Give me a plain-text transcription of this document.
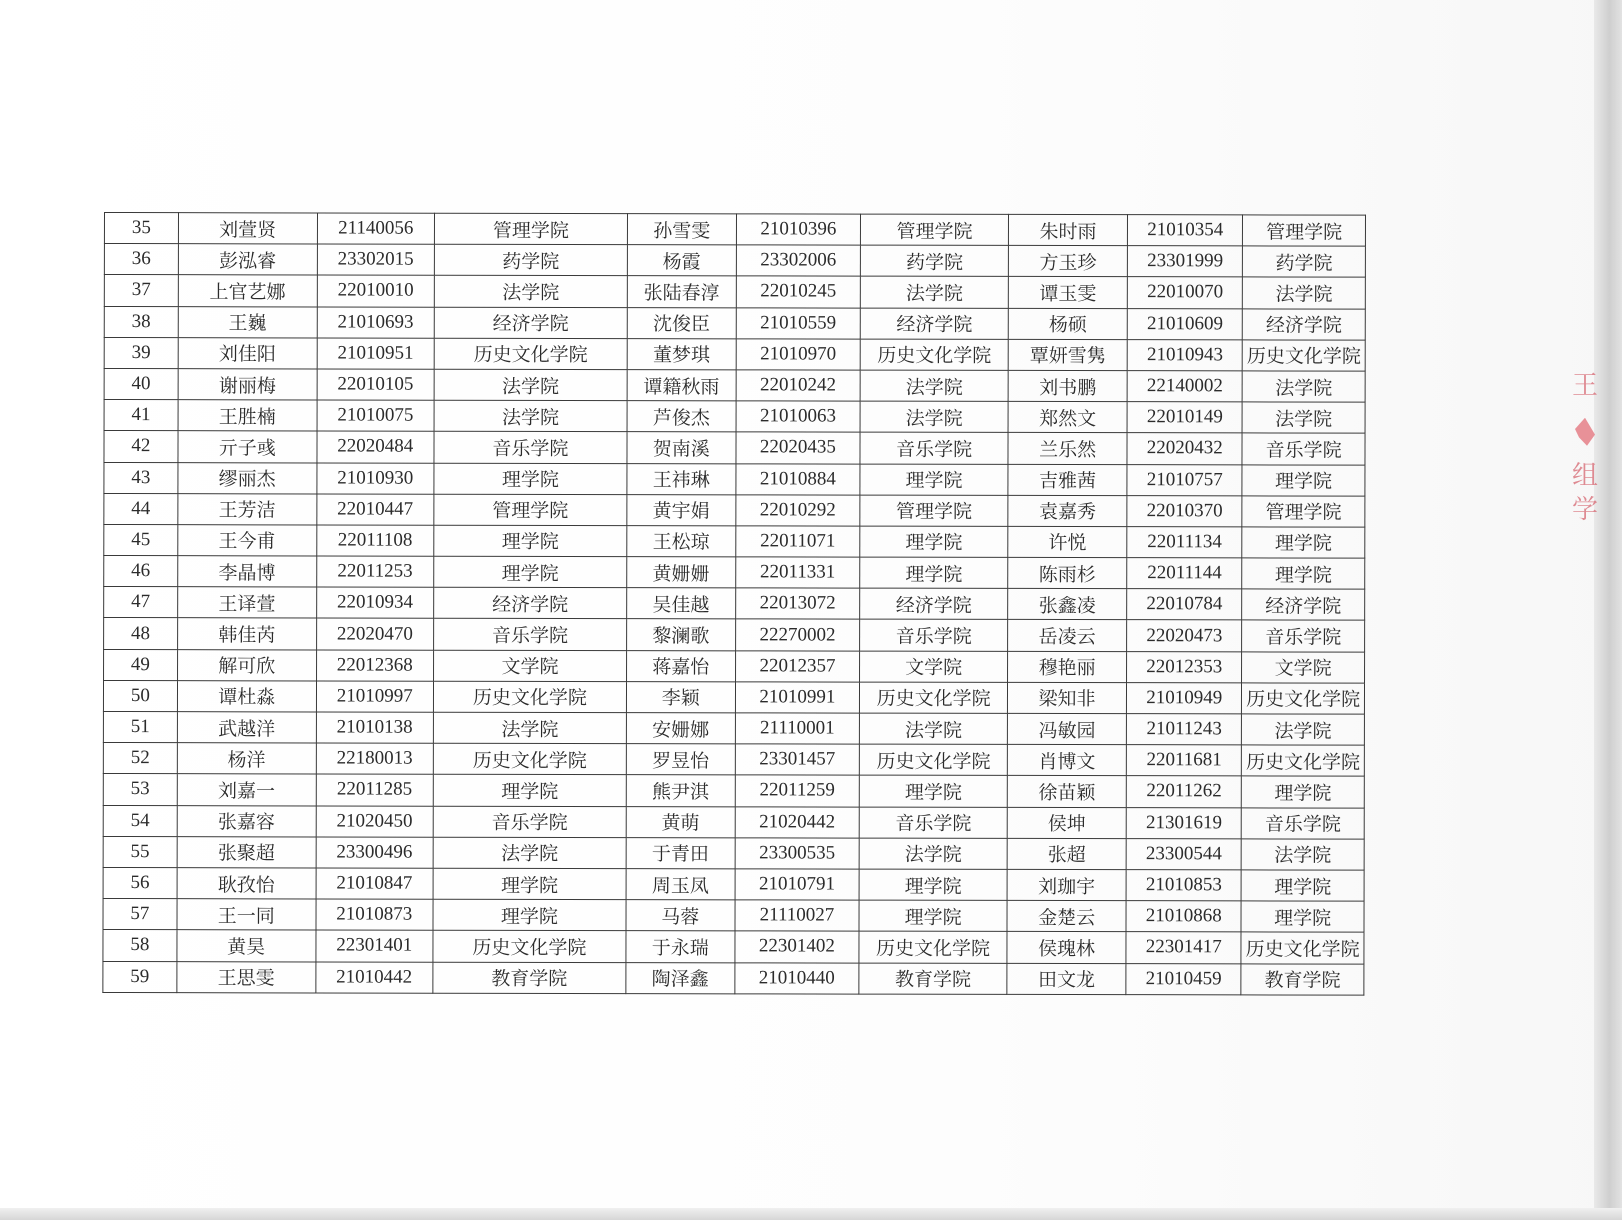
35	刘萱贤	21140056	管理学院	孙雪雯	21010396	管理学院	朱时雨	21010354	管理学院
36	彭泓睿	23302015	药学院	杨霞	23302006	药学院	方玉珍	23301999	药学院
37	上官艺娜	22010010	法学院	张陆春淳	22010245	法学院	谭玉雯	22010070	法学院
38	王巍	21010693	经济学院	沈俊臣	21010559	经济学院	杨硕	21010609	经济学院
39	刘佳阳	21010951	历史文化学院	董梦琪	21010970	历史文化学院	覃妍雪隽	21010943	历史文化学院
40	谢丽梅	22010105	法学院	谭籍秋雨	22010242	法学院	刘书鹏	22140002	法学院
41	王胜楠	21010075	法学院	芦俊杰	21010063	法学院	郑然文	22010149	法学院
42	亓子彧	22020484	音乐学院	贺南溪	22020435	音乐学院	兰乐然	22020432	音乐学院
43	缪丽杰	21010930	理学院	王祎琳	21010884	理学院	吉雅茜	21010757	理学院
44	王芳洁	22010447	管理学院	黄宇娟	22010292	管理学院	袁嘉秀	22010370	管理学院
45	王今甫	22011108	理学院	王松琼	22011071	理学院	许悦	22011134	理学院
46	李晶博	22011253	理学院	黄姗姗	22011331	理学院	陈雨杉	22011144	理学院
47	王译萱	22010934	经济学院	吴佳越	22013072	经济学院	张鑫凌	22010784	经济学院
48	韩佳芮	22020470	音乐学院	黎澜歌	22270002	音乐学院	岳凌云	22020473	音乐学院
49	解可欣	22012368	文学院	蒋嘉怡	22012357	文学院	穆艳丽	22012353	文学院
50	谭杜淼	21010997	历史文化学院	李颖	21010991	历史文化学院	梁知非	21010949	历史文化学院
51	武越洋	21010138	法学院	安姗娜	21110001	法学院	冯敏园	21011243	法学院
52	杨洋	22180013	历史文化学院	罗昱怡	23301457	历史文化学院	肖博文	22011681	历史文化学院
53	刘嘉一	22011285	理学院	熊尹淇	22011259	理学院	徐苗颖	22011262	理学院
54	张嘉容	21020450	音乐学院	黄萌	21020442	音乐学院	侯坤	21301619	音乐学院
55	张聚超	23300496	法学院	于青田	23300535	法学院	张超	23300544	法学院
56	耿孜怡	21010847	理学院	周玉凤	21010791	理学院	刘珈宇	21010853	理学院
57	王一同	21010873	理学院	马蓉	21110027	理学院	金楚云	21010868	理学院
58	黄昊	22301401	历史文化学院	于永瑞	22301402	历史文化学院	侯瑰林	22301417	历史文化学院
59	王思雯	21010442	教育学院	陶泽鑫	21010440	教育学院	田文龙	21010459	教育学院
王
组
学
